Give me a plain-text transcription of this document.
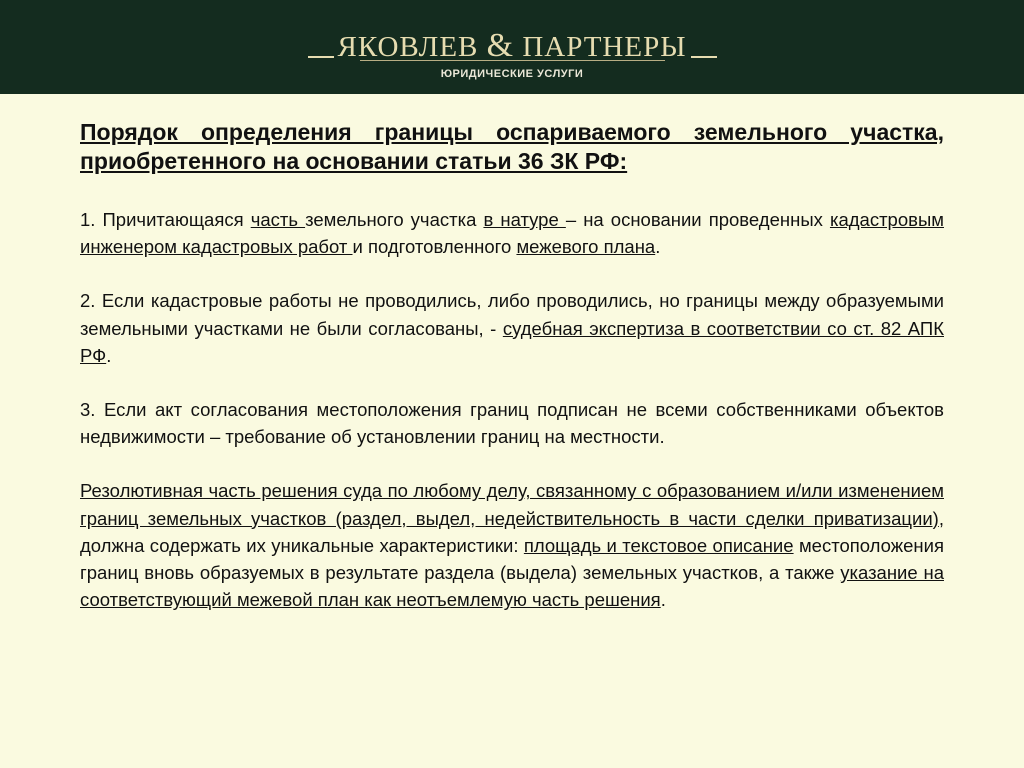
ЯКОВЛЕВ & ПАРТНЕРЫ
ЮРИДИЧЕСКИЕ УСЛУГИ

Порядок определения границы оспариваемого земельного участка, приобретенного на основании статьи 36 ЗК РФ:

1. Причитающаяся часть земельного участка в натуре – на основании проведенных кадастровым инженером кадастровых работ и подготовленного межевого плана.

2. Если кадастровые работы не проводились, либо проводились, но границы между образуемыми земельными участками не были согласованы, - судебная экспертиза в соответствии со ст. 82 АПК РФ.

3. Если акт согласования местоположения границ подписан не всеми собственниками объектов недвижимости – требование об установлении границ на местности.

Резолютивная часть решения суда по любому делу, связанному с образованием и/или изменением границ земельных участков (раздел, выдел, недействительность в части сделки приватизации), должна содержать их уникальные характеристики: площадь и текстовое описание местоположения границ вновь образуемых в результате раздела (выдела) земельных участков, а также указание на соответствующий межевой план как неотъемлемую часть решения.
